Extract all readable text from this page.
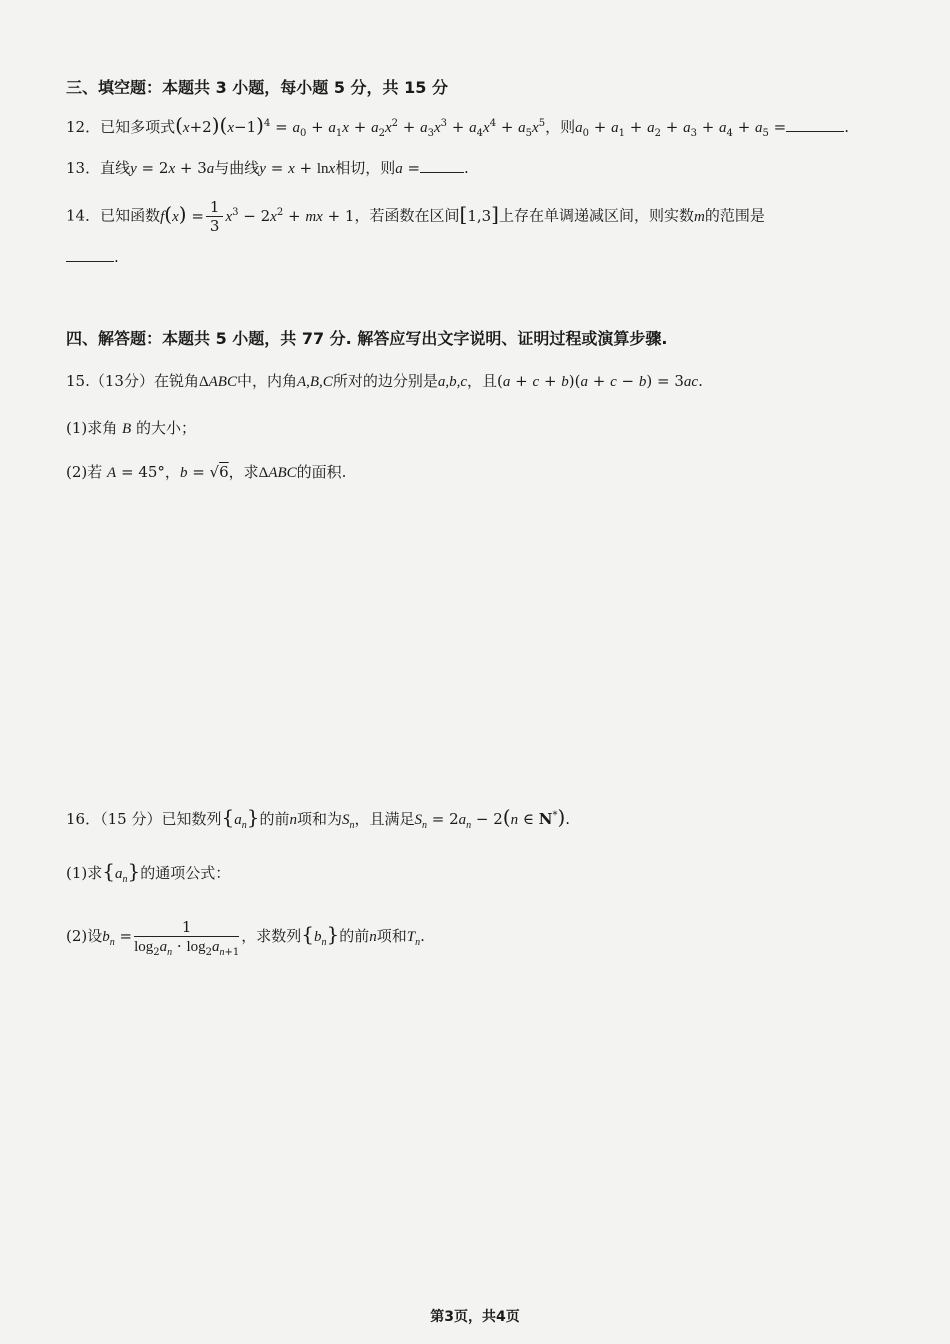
三、填空题：本题共 3 小题，每小题 5 分，共 15 分
12．已知多项式$(x+2)(x-1)^4 = a_0 + a_1x + a_2x^2 + a_3x^3 + a_4x^4 + a_5x^5$，则$a_0 + a_1 + a_2 + a_3 + a_4 + a_5$ =	.
13．直线y = 2x + 3a与曲线y = x + lnx相切，则a =	.
14．已知函数$f(x) = \frac{1}{3} x^3 - 2x^2$ + mx + 1，若函数在区间[1,3]上存在单调递减区间，则实数m的范围是
.
四、解答题：本题共 5 小题，共 77 分. 解答应写出文字说明、证明过程或演算步骤.
15.（13分）在锐角ΔABC中，内角A,B,C所对的边分别是a,b,c，且(a + c + b)(a + c − b) = 3ac.
(1)求角 B 的大小；
(2)若 A = 45°，b = √6，求ΔABC的面积.
16．（15 分）已知数列$\{a_n\}$的前n项和为$S_n$，且满足$S_n = 2a_n - 2(n$ ∈ N*).
(1)求$\{a_n\}$的通项公式：
(2)设$b_n = \frac{1}{\log_2a_n \cdot \log_2a_{n+1}}$ ，求数列$\{b_n\}$的前n项和$T_n$.
第3页，共4页
